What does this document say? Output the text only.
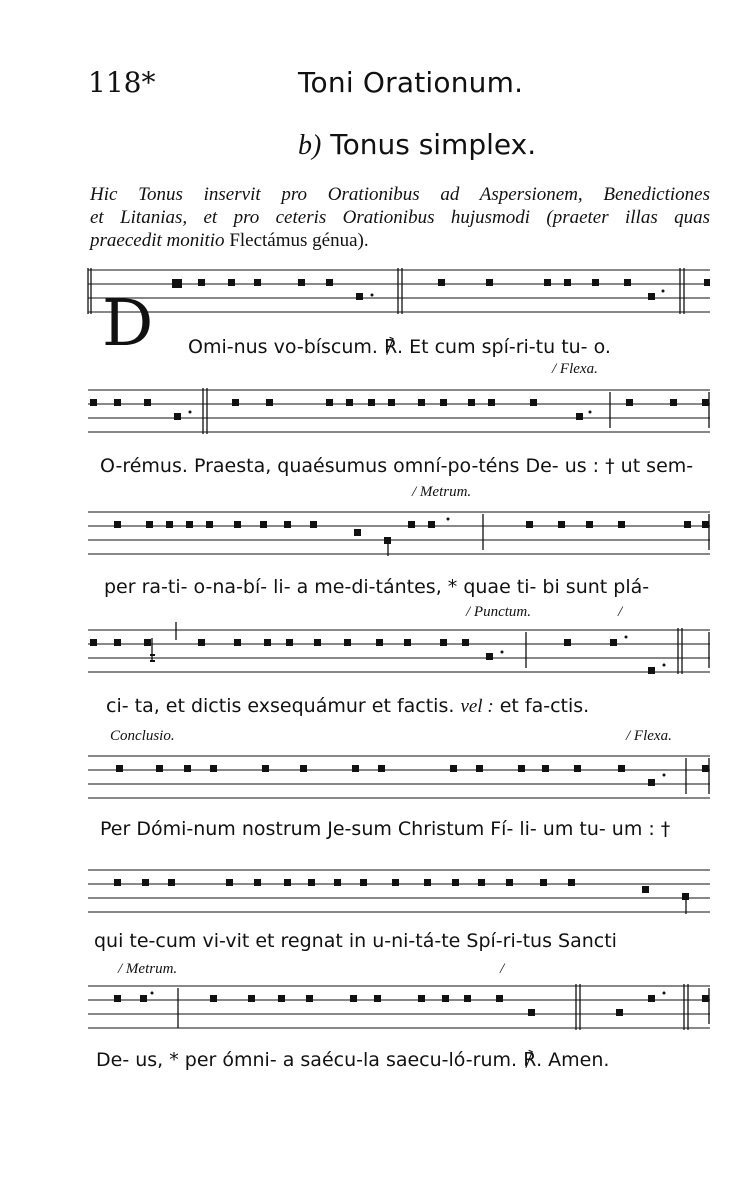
118*	Toni Orationum.
b) Tonus simplex.
Hic Tonus inservit pro Orationibus ad Aspersionem, Benedictiones
et Litanias, et pro ceteris Orationibus hujusmodi (praeter illas quas
praecedit monitio Flectámus génua).
D Omi-nus vo-bíscum. ℟. Et cum spí-ri-tu tu- o.
/ Flexa.
O-rémus. Praesta, quaésumus omní-po-téns De- us : † ut sem-
/ Metrum.
per ra-ti- o-na-bí- li- a me-di-tántes, * quae ti- bi sunt plá-
/ Punctum.	/
ci- ta, et dictis exsequámur et factis. vel : et fa-ctis.
Conclusio.	/ Flexa.
Per Dómi-num nostrum Je-sum Christum Fí- li- um tu- um : †
qui te-cum vi-vit et regnat in u-ni-tá-te Spí-ri-tus Sancti
/ Metrum.	/
De- us, * per ómni- a saécu-la saecu-ló-rum. ℟. Amen.
